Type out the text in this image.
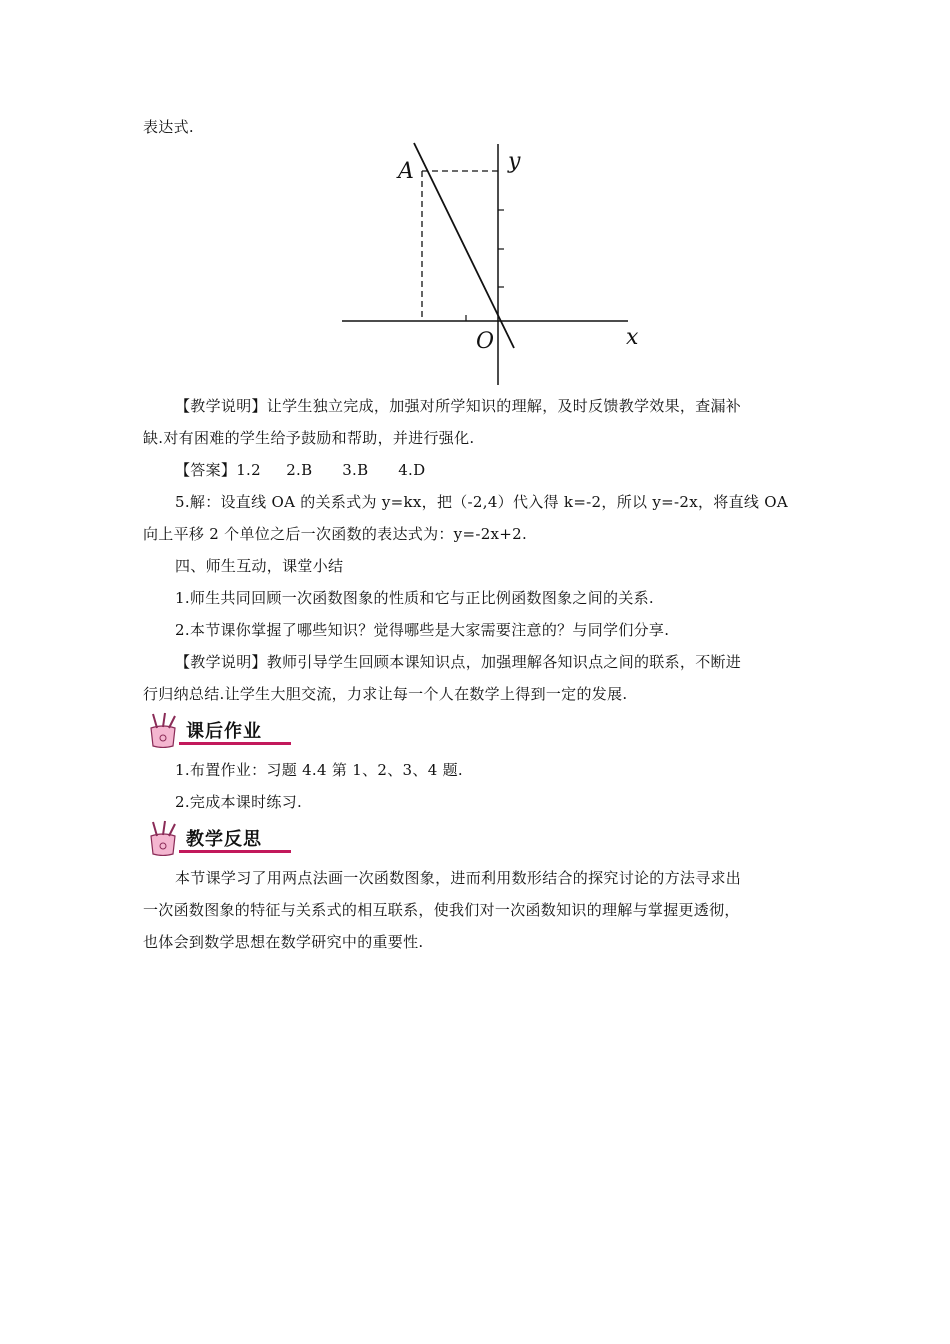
表达式.
A	y
x
O
【教学说明】让学生独立完成，加强对所学知识的理解，及时反馈教学效果，查漏补
缺.对有困难的学生给予鼓励和帮助，并进行强化.
【答案】1.2 2.B 3.B 4.D
5.解：设直线 OA 的关系式为 y=kx，把（-2,4）代入得 k=-2，所以 y=-2x，将直线 OA
向上平移 2 个单位之后一次函数的表达式为：y=-2x+2.
四、师生互动，课堂小结
1.师生共同回顾一次函数图象的性质和它与正比例函数图象之间的关系.
2.本节课你掌握了哪些知识？觉得哪些是大家需要注意的？与同学们分享.
【教学说明】教师引导学生回顾本课知识点，加强理解各知识点之间的联系，不断进
行归纳总结.让学生大胆交流，力求让每一个人在数学上得到一定的发展.
课后作业
1.布置作业：习题 4.4 第 1、2、3、4 题.
2.完成本课时练习.
教学反思
本节课学习了用两点法画一次函数图象，进而利用数形结合的探究讨论的方法寻求出
一次函数图象的特征与关系式的相互联系，使我们对一次函数知识的理解与掌握更透彻，
也体会到数学思想在数学研究中的重要性.
